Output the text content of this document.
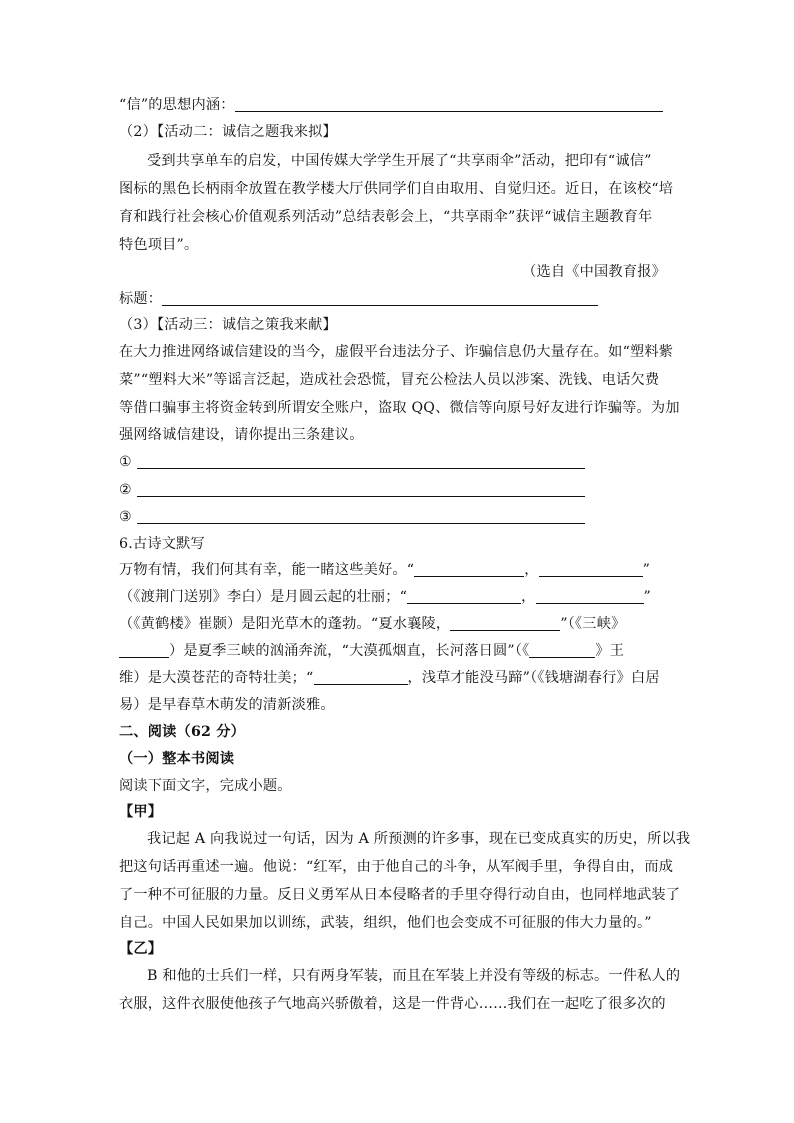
“信”的思想内涵：
（2）【活动二：诚信之题我来拟】
受到共享单车的启发，中国传媒大学学生开展了“共享雨伞”活动，把印有“诚信”
图标的黑色长柄雨伞放置在教学楼大厅供同学们自由取用、自觉归还。近日，在该校“培
育和践行社会核心价值观系列活动”总结表彰会上，“共享雨伞”获评“诚信主题教育年
特色项目”。
（选自《中国教育报》
标题：
（3）【活动三：诚信之策我来献】
在大力推进网络诚信建设的当今，虚假平台违法分子、诈骗信息仍大量存在。如“塑料紫
菜”“塑料大米”等谣言泛起，造成社会恐慌，冒充公检法人员以涉案、洗钱、电话欠费
等借口骗事主将资金转到所谓安全账户，盗取 QQ、微信等向原号好友进行诈骗等。为加
强网络诚信建设，请你提出三条建议。
①
②
③
6.古诗文默写
万物有情，我们何其有幸，能一睹这些美好。“	，	”
（《渡荆门送别》李白）是月圆云起的壮丽；“	，	”
（《黄鹤楼》崔颢）是阳光草木的蓬勃。“夏水襄陵，	”（《三峡》
）是夏季三峡的汹涌奔流，“大漠孤烟直，长河落日圆”（《	》王
维）是大漠苍茫的奇特壮美；“	，浅草才能没马蹄”（《钱塘湖春行》白居
易）是早春草木萌发的清新淡雅。
二、阅读（62 分）
（一）整本书阅读
阅读下面文字，完成小题。
【甲】
我记起 A 向我说过一句话，因为 A 所预测的许多事，现在已变成真实的历史，所以我
把这句话再重述一遍。他说：“红军，由于他自己的斗争，从军阀手里，争得自由，而成
了一种不可征服的力量。反日义勇军从日本侵略者的手里夺得行动自由，也同样地武装了
自己。中国人民如果加以训练，武装，组织，他们也会变成不可征服的伟大力量的。”
【乙】
B 和他的士兵们一样，只有两身军装，而且在军装上并没有等级的标志。一件私人的
衣服，这件衣服使他孩子气地高兴骄傲着，这是一件背心……我们在一起吃了很多次的
